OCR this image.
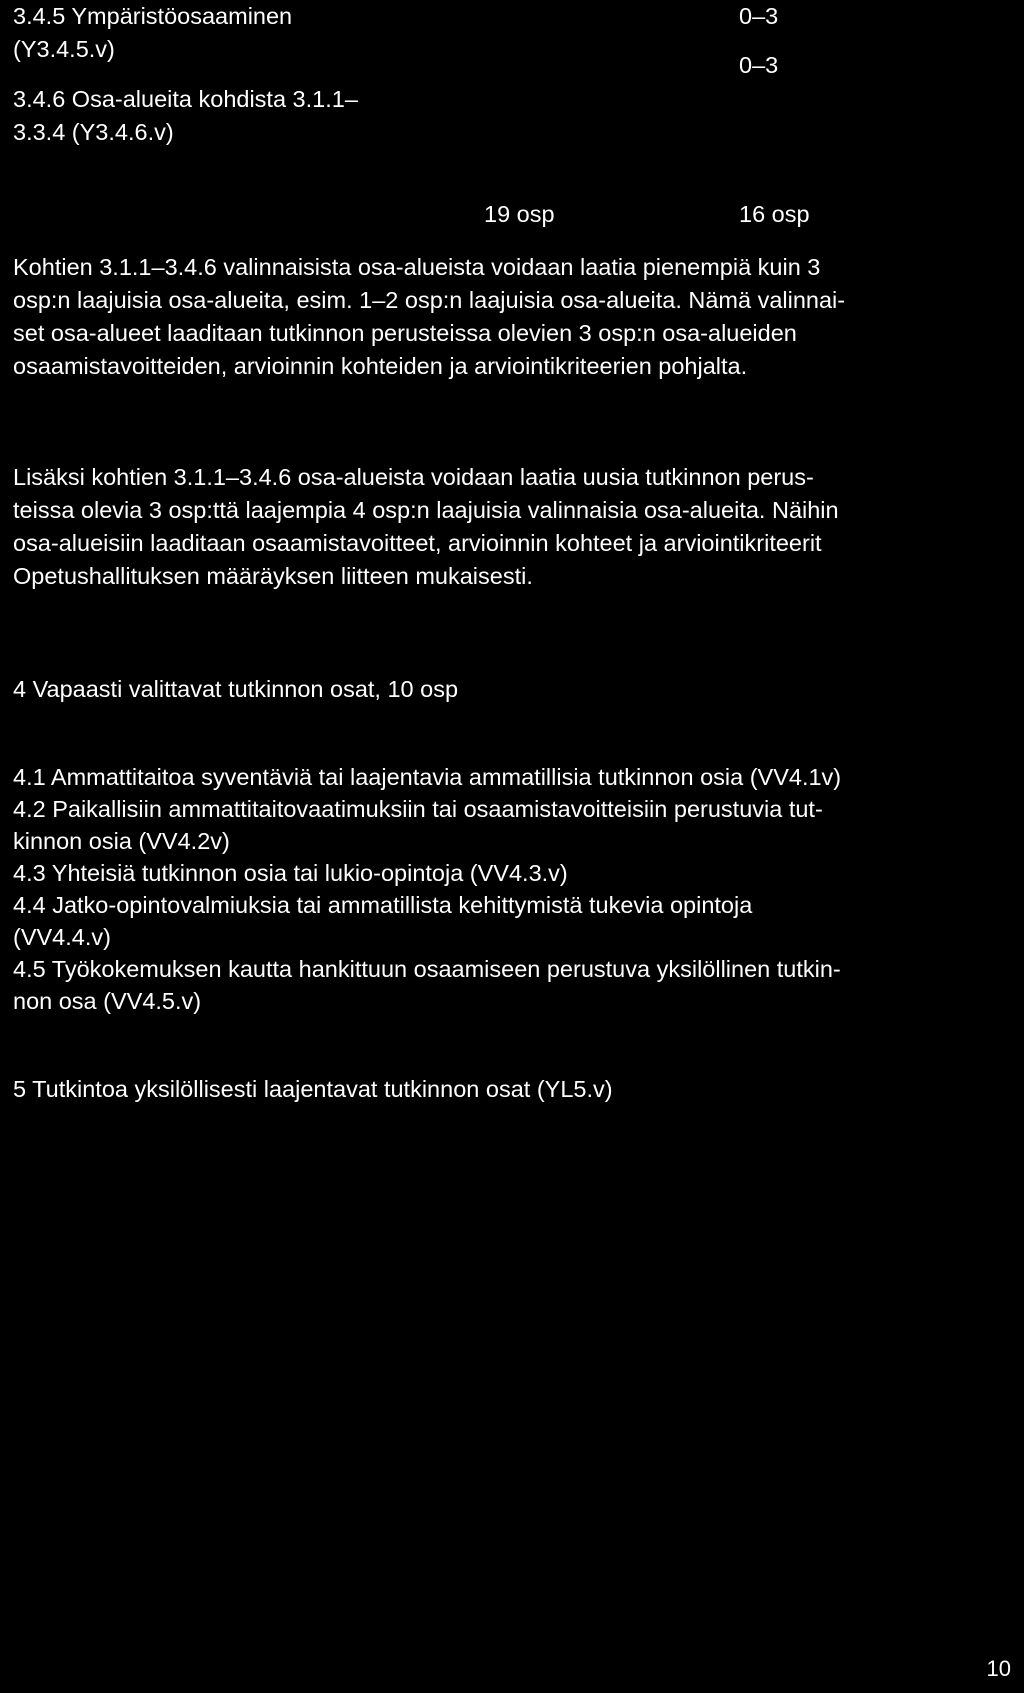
3.4.5 Ympäristöosaaminen
(Y3.4.5.v)
0–3
3.4.6 Osa-alueita kohdista 3.1.1–
3.3.4 (Y3.4.6.v)
0–3
19 osp	16 osp
Kohtien 3.1.1–3.4.6 valinnaisista osa-alueista voidaan laatia pienempiä kuin 3
osp:n laajuisia osa-alueita, esim. 1–2 osp:n laajuisia osa-alueita. Nämä valinnai-
set osa-alueet laaditaan tutkinnon perusteissa olevien 3 osp:n osa-alueiden
osaamistavoitteiden, arvioinnin kohteiden ja arviointikriteerien pohjalta.
Lisäksi kohtien 3.1.1–3.4.6 osa-alueista voidaan laatia uusia tutkinnon perus-
teissa olevia 3 osp:ttä laajempia 4 osp:n laajuisia valinnaisia osa-alueita. Näihin
osa-alueisiin laaditaan osaamistavoitteet, arvioinnin kohteet ja arviointikriteerit
Opetushallituksen määräyksen liitteen mukaisesti.
4 Vapaasti valittavat tutkinnon osat, 10 osp
4.1 Ammattitaitoa syventäviä tai laajentavia ammatillisia tutkinnon osia (VV4.1v)
4.2 Paikallisiin ammattitaitovaatimuksiin tai osaamistavoitteisiin perustuvia tut-
kinnon osia (VV4.2v)
4.3 Yhteisiä tutkinnon osia tai lukio-opintoja (VV4.3.v)
4.4 Jatko-opintovalmiuksia tai ammatillista kehittymistä tukevia opintoja
(VV4.4.v)
4.5 Työkokemuksen kautta hankittuun osaamiseen perustuva yksilöllinen tutkin-
non osa (VV4.5.v)
5 Tutkintoa yksilöllisesti laajentavat tutkinnon osat (YL5.v)
10
